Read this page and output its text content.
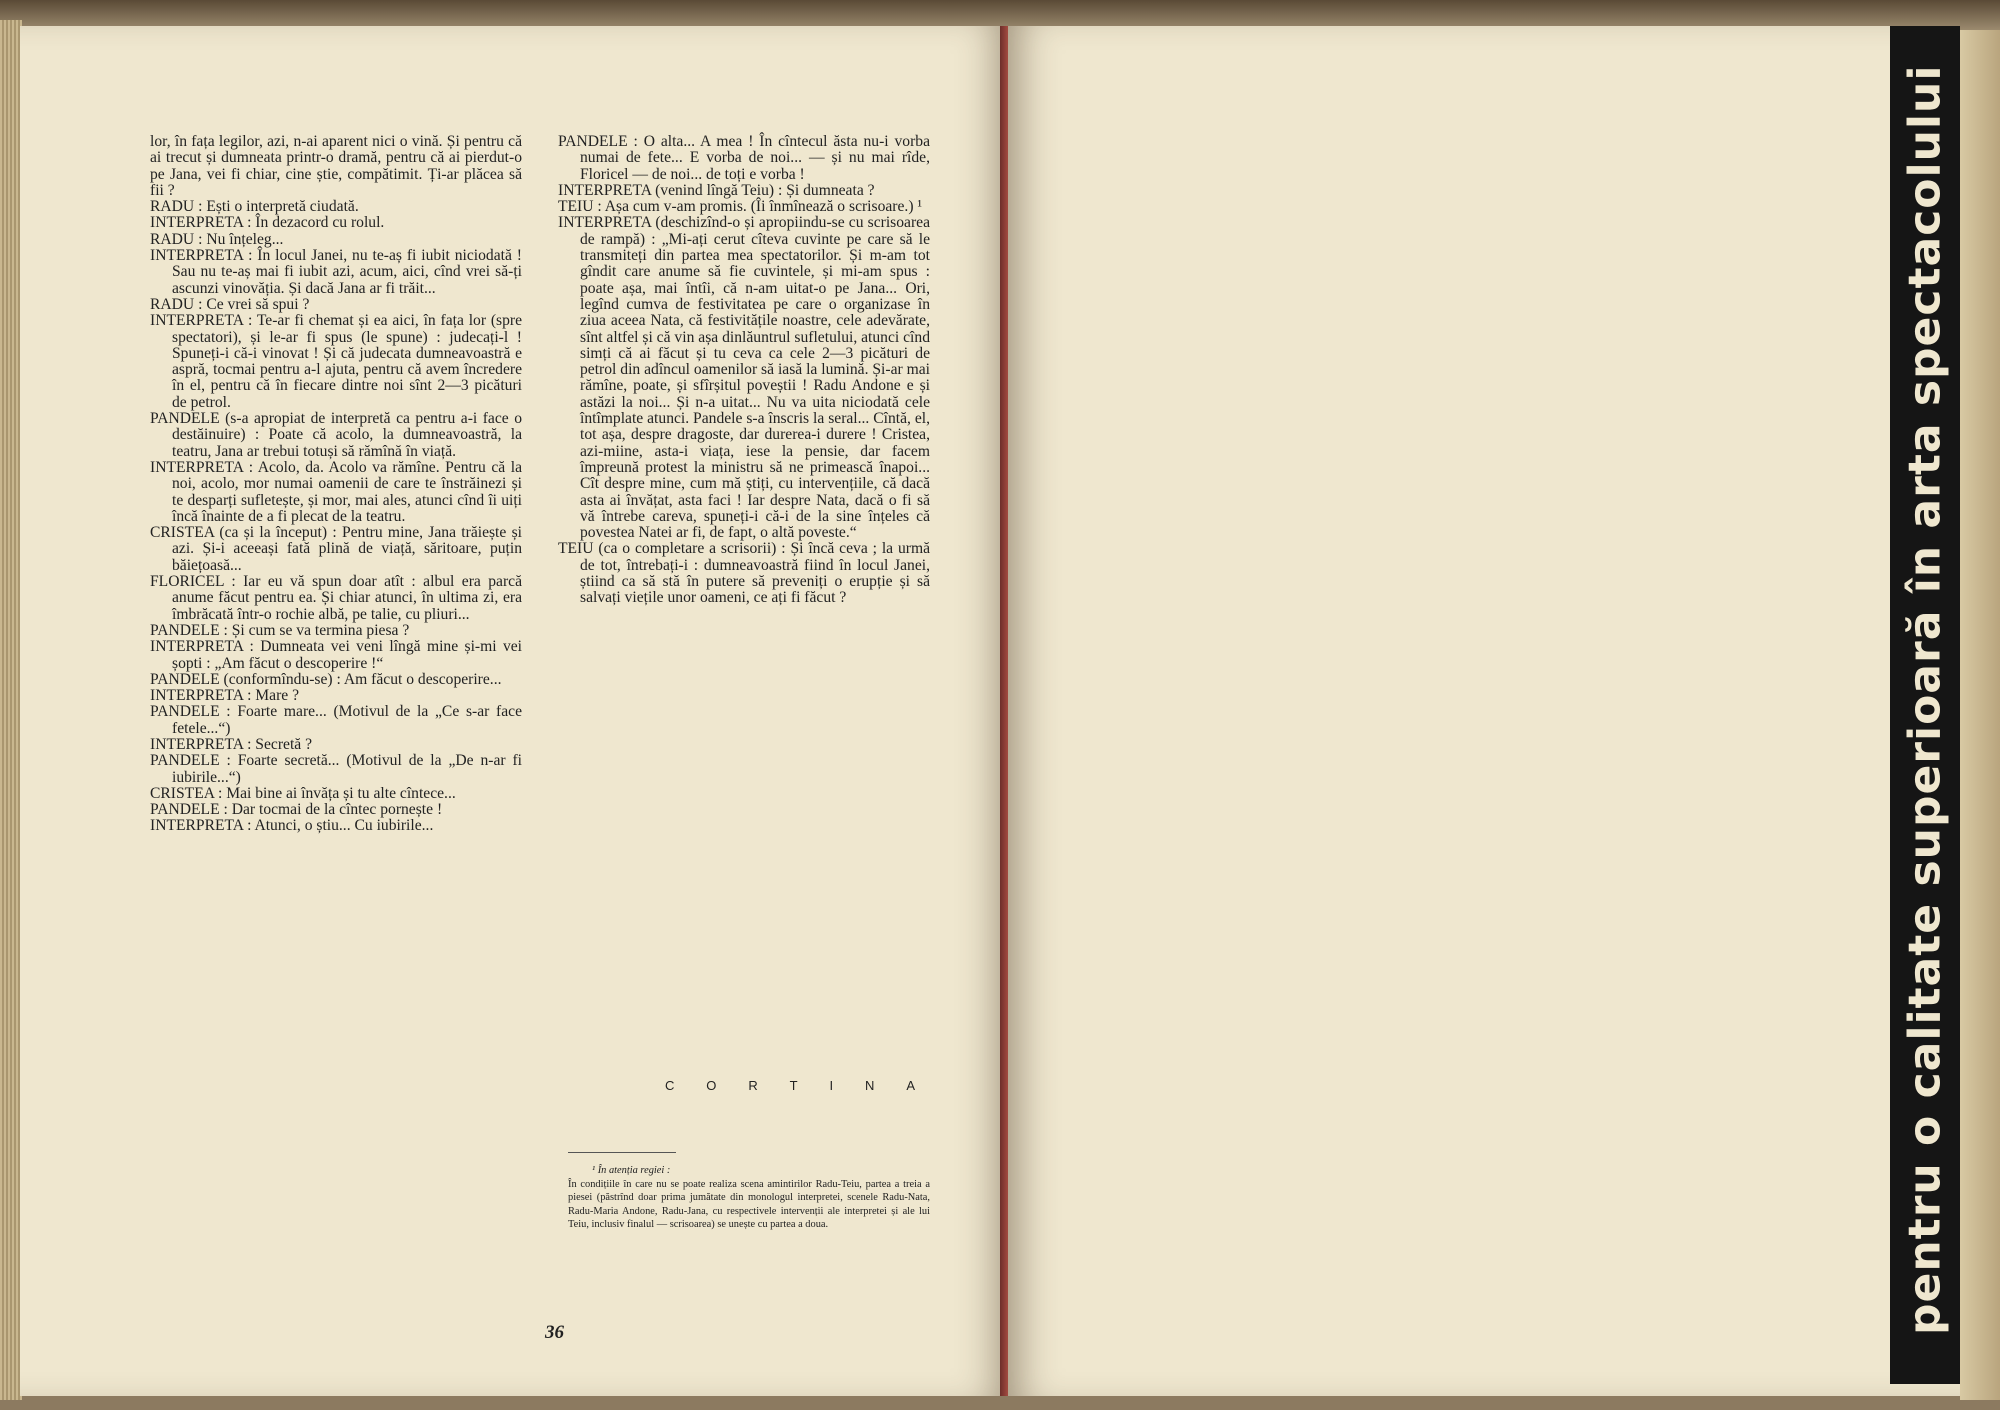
lor, în fața legilor, azi, n-ai aparent nici o vină. Și pentru că ai trecut și dumneata printr-o dramă, pentru că ai pierdut-o pe Jana, vei fi chiar, cine știe, compătimit. Ți-ar plăcea să fii ?

RADU : Ești o interpretă ciudată.

INTERPRETA : În dezacord cu rolul.

RADU : Nu înțeleg...

INTERPRETA : În locul Janei, nu te-aș fi iubit niciodată ! Sau nu te-aș mai fi iubit azi, acum, aici, cînd vrei să-ți ascunzi vinovăția. Și dacă Jana ar fi trăit...

RADU : Ce vrei să spui ?

INTERPRETA : Te-ar fi chemat și ea aici, în fața lor (spre spectatori), și le-ar fi spus (le spune) : judecați-l ! Spuneți-i că-i vinovat ! Și că judecata dumneavoastră e aspră, tocmai pentru a-l ajuta, pentru că avem încredere în el, pentru că în fiecare dintre noi sînt 2—3 picături de petrol.

PANDELE (s-a apropiat de interpretă ca pentru a-i face o destăinuire) : Poate că acolo, la dumneavoastră, la teatru, Jana ar trebui totuși să rămînă în viață.

INTERPRETA : Acolo, da. Acolo va rămîne. Pentru că la noi, acolo, mor numai oamenii de care te înstrăinezi și te desparți sufletește, și mor, mai ales, atunci cînd îi uiți încă înainte de a fi plecat de la teatru.

CRISTEA (ca și la început) : Pentru mine, Jana trăiește și azi. Și-i aceeași fată plină de viață, săritoare, puțin băiețoasă...

FLORICEL : Iar eu vă spun doar atît : albul era parcă anume făcut pentru ea. Și chiar atunci, în ultima zi, era îmbrăcată într-o rochie albă, pe talie, cu pliuri...

PANDELE : Și cum se va termina piesa ?

INTERPRETA : Dumneata vei veni lîngă mine și-mi vei șopti : „Am făcut o descoperire !“

PANDELE (conformîndu-se) : Am făcut o descoperire...

INTERPRETA : Mare ?

PANDELE : Foarte mare... (Motivul de la „Ce s-ar face fetele...“)

INTERPRETA : Secretă ?

PANDELE : Foarte secretă... (Motivul de la „De n-ar fi iubirile...“)

CRISTEA : Mai bine ai învăța și tu alte cîntece...

PANDELE : Dar tocmai de la cîntec pornește !

INTERPRETA : Atunci, o știu... Cu iubirile...

PANDELE : O alta... A mea ! În cîntecul ăsta nu-i vorba numai de fete... E vorba de noi... — și nu mai rîde, Floricel — de noi... de toți e vorba !

INTERPRETA (venind lîngă Teiu) : Și dumneata ?

TEIU : Așa cum v-am promis. (Îi înmînează o scrisoare.) ¹

INTERPRETA (deschizînd-o și apropiindu-se cu scrisoarea de rampă) : „Mi-ați cerut cîteva cuvinte pe care să le transmiteți din partea mea spectatorilor. Și m-am tot gîndit care anume să fie cuvintele, și mi-am spus : poate așa, mai întîi, că n-am uitat-o pe Jana... Ori, legînd cumva de festivitatea pe care o organizase în ziua aceea Nata, că festivitățile noastre, cele adevărate, sînt altfel și că vin așa dinlăuntrul sufletului, atunci cînd simți că ai făcut și tu ceva ca cele 2—3 picături de petrol din adîncul oamenilor să iasă la lumină. Și-ar mai rămîne, poate, și sfîrșitul poveștii ! Radu Andone e și astăzi la noi... Și n-a uitat... Nu va uita niciodată cele întîmplate atunci. Pandele s-a înscris la seral... Cîntă, el, tot așa, despre dragoste, dar durerea-i durere ! Cristea, azi-miine, asta-i viața, iese la pensie, dar facem împreună protest la ministru să ne primească înapoi... Cît despre mine, cum mă știți, cu intervențiile, că dacă asta ai învățat, asta faci ! Iar despre Nata, dacă o fi să vă întrebe careva, spuneți-i că-i de la sine înțeles că povestea Natei ar fi, de fapt, o altă poveste.“

TEIU (ca o completare a scrisorii) : Și încă ceva ; la urmă de tot, întrebați-i : dumneavoastră fiind în locul Janei, știind ca să stă în putere să preveniți o erupție și să salvați viețile unor oameni, ce ați fi făcut ?

C O R T I N A
¹ În atenția regiei :
În condițiile în care nu se poate realiza scena amintirilor Radu-Teiu, partea a treia a piesei (păstrînd doar prima jumătate din monologul interpretei, scenele Radu-Nata, Radu-Maria Andone, Radu-Jana, cu respectivele intervenții ale interpretei și ale lui Teiu, inclusiv finalul — scrisoarea) se unește cu partea a doua.
36	pentru o calitate superioară în arta spectacolului
